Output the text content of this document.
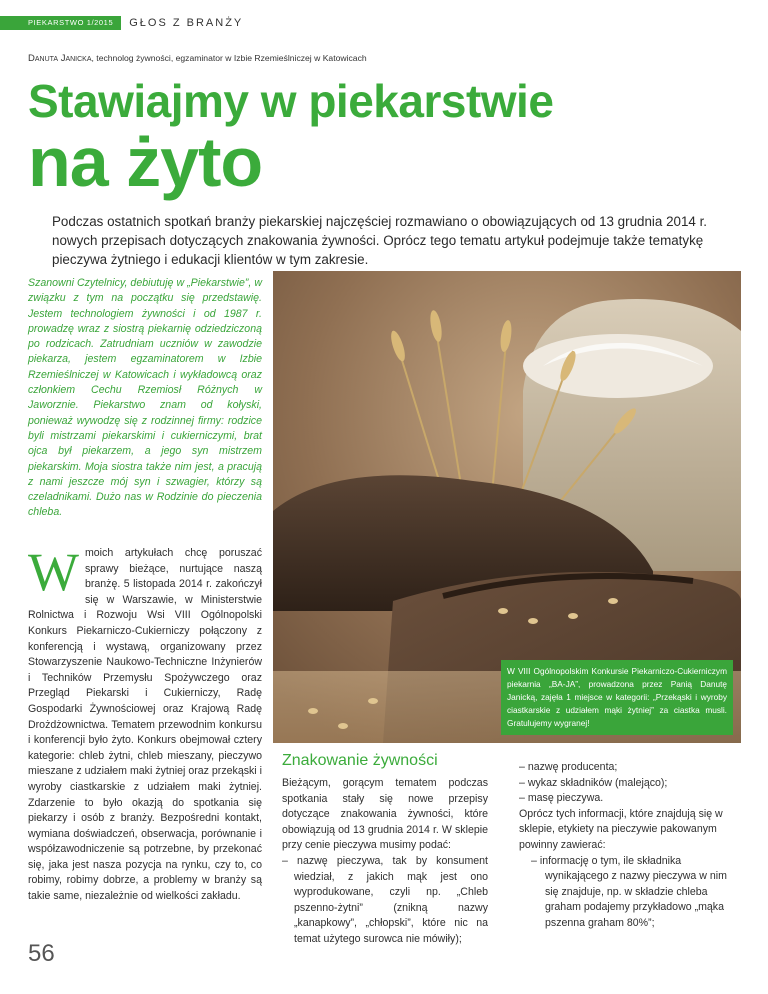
PIEKARSTWO 1/2015	GŁOS Z BRANŻY
Danuta Janicka, technolog żywności, egzaminator w Izbie Rzemieślniczej w Katowicach
Stawiajmy w piekarstwie
na żyto

Podczas ostatnich spotkań branży piekarskiej najczęściej rozmawiano o obowiązujących od 13 grudnia 2014 r. nowych przepisach dotyczących znakowania żywności. Oprócz tego tematu artykuł podejmuje także tematykę pieczywa żytniego i edukacji klientów w tym zakresie.

Szanowni Czytelnicy, debiutuję w „Piekarstwie”, w związku z tym na początku się przedstawię. Jestem technologiem żywności i od 1987 r. prowadzę wraz z siostrą piekarnię odziedziczoną po rodzicach. Zatrudniam uczniów w zawodzie piekarza, jestem egzaminatorem w Izbie Rzemieślniczej w Katowicach i wykładowcą oraz członkiem Cechu Rzemiosł Różnych w Jaworznie. Piekarstwo znam od kołyski, ponieważ wywodzę się z rodzinnej firmy: rodzice byli mistrzami piekarskimi i cukierniczymi, brat ojca był piekarzem, a jego syn mistrzem piekarskim. Moja siostra także nim jest, a pracują z nami jeszcze mój syn i szwagier, którzy są czeladnikami. Dużo nas w Rodzinie do pieczenia chleba.

Wmoich artykułach chcę poruszać sprawy bieżące, nurtujące naszą branżę. 5 listopada 2014 r. zakończył się w Warszawie, w Ministerstwie Rolnictwa i Rozwoju Wsi VIII Ogólnopolski Konkurs Piekarniczo-Cukierniczy połączony z konferencją i wystawą, organizowany przez Stowarzyszenie Naukowo-Techniczne Inżynierów i Techników Przemysłu Spożywczego oraz Przegląd Piekarski i Cukierniczy, Radę Gospodarki Żywnościowej oraz Krajową Radę Drożdżownictwa. Tematem przewodnim konkursu i konferencji było żyto. Konkurs obejmował cztery kategorie: chleb żytni, chleb mieszany, pieczywo mieszane z udziałem maki żytniej oraz przekąski i wyroby ciastkarskie z udziałem maki żytniej. Zdarzenie to było okazją do spotkania się piekarzy i osób z branży. Bezpośredni kontakt, wymiana doświadczeń, obserwacja, porównanie i współzawodniczenie są potrzebne, by przekonać się, jaka jest nasza pozycja na rynku, czy to, co robimy, robimy dobrze, a problemy w branży są takie same, niezależnie od wielkości zakładu.
56
W VIII Ogólnopolskim Konkursie Piekarniczo-Cukierniczym piekarnia „BA-JA”, prowadzona przez Panią Danutę Janicką, zajęła 1 miejsce w kategorii: „Przekąski i wyroby ciastkarskie z udziałem mąki żytniej” za ciastka musli. Gratulujemy wygranej!
Znakowanie żywności

Bieżącym, gorącym tematem podczas spotkania stały się nowe przepisy dotyczące znakowania żywności, które obowiązują od 13 grudnia 2014 r. W sklepie przy cenie pieczywa musimy podać:

– nazwę pieczywa, tak by konsument wiedział, z jakich mąk jest ono wyprodukowane, czyli np. „Chleb pszenno-żytni” (znikną nazwy „kanapkowy”, „chłopski”, które nic na temat użytego surowca nie mówiły);

– nazwę producenta;

– wykaz składników (malejąco);

– masę pieczywa.

Oprócz tych informacji, które znajdują się w sklepie, etykiety na pieczywie pakowanym powinny zawierać:

– informację o tym, ile składnika wynikającego z nazwy pieczywa w nim się znajduje, np. w składzie chleba graham podajemy przykładowo „mąka pszenna graham 80%”;
